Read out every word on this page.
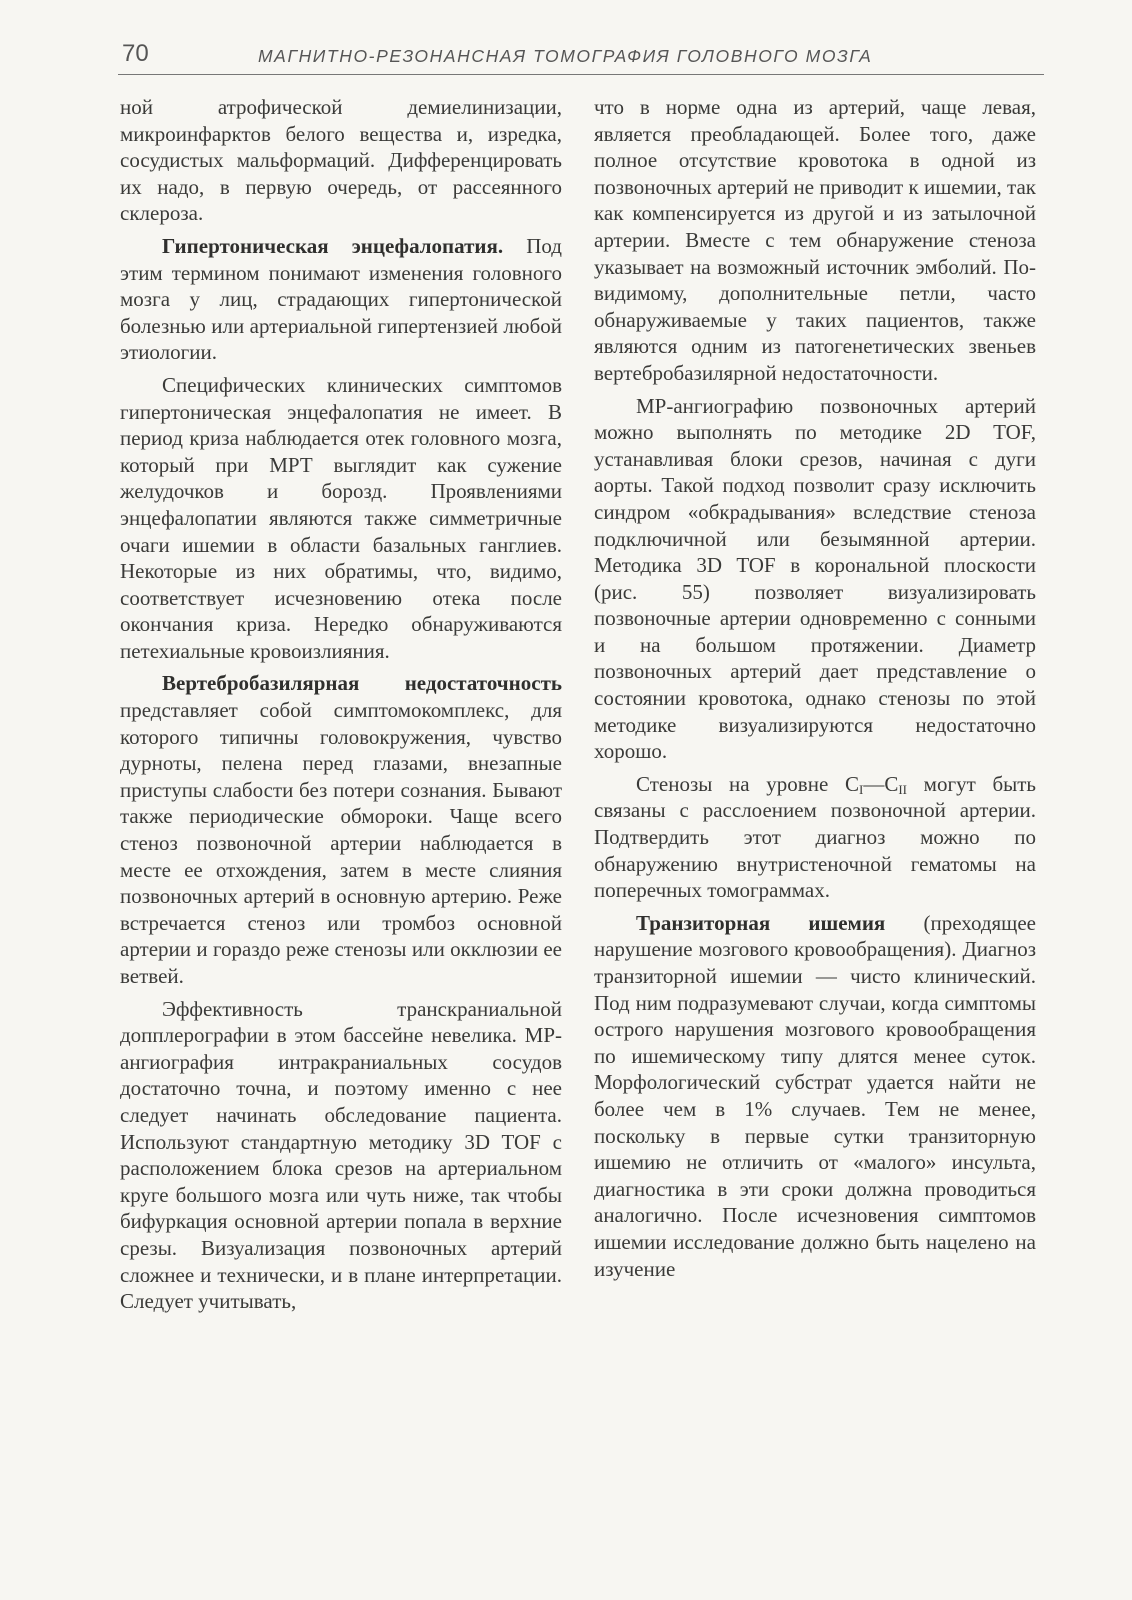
70	МАГНИТНО-РЕЗОНАНСНАЯ ТОМОГРАФИЯ ГОЛОВНОГО МОЗГА

ной атрофической демиелинизации, микроинфарктов белого вещества и, изредка, сосудистых мальформаций. Дифференцировать их надо, в первую очередь, от рассеянного склероза.

Гипертоническая энцефалопатия. Под этим термином понимают изменения головного мозга у лиц, страдающих гипертонической болезнью или артериальной гипертензией любой этиологии.

Специфических клинических симптомов гипертоническая энцефалопатия не имеет. В период криза наблюдается отек головного мозга, который при МРТ выглядит как сужение желудочков и борозд. Проявлениями энцефалопатии являются также симметричные очаги ишемии в области базальных ганглиев. Некоторые из них обратимы, что, видимо, соответствует исчезновению отека после окончания криза. Нередко обнаруживаются петехиальные кровоизлияния.

Вертебробазилярная недостаточность представляет собой симптомокомплекс, для которого типичны головокружения, чувство дурноты, пелена перед глазами, внезапные приступы слабости без потери сознания. Бывают также периодические обмороки. Чаще всего стеноз позвоночной артерии наблюдается в месте ее отхождения, затем в месте слияния позвоночных артерий в основную артерию. Реже встречается стеноз или тромбоз основной артерии и гораздо реже стенозы или окклюзии ее ветвей.

Эффективность транскраниальной допплерографии в этом бассейне невелика. МР-ангиография интракраниальных сосудов достаточно точна, и поэтому именно с нее следует начинать обследование пациента. Используют стандартную методику 3D TOF с расположением блока срезов на артериальном круге большого мозга или чуть ниже, так чтобы бифуркация основной артерии попала в верхние срезы. Визуализация позвоночных артерий сложнее и технически, и в плане интерпретации. Следует учитывать,

что в норме одна из артерий, чаще левая, является преобладающей. Более того, даже полное отсутствие кровотока в одной из позвоночных артерий не приводит к ишемии, так как компенсируется из другой и из затылочной артерии. Вместе с тем обнаружение стеноза указывает на возможный источник эмболий. По-видимому, дополнительные петли, часто обнаруживаемые у таких пациентов, также являются одним из патогенетических звеньев вертебробазилярной недостаточности.

МР-ангиографию позвоночных артерий можно выполнять по методике 2D TOF, устанавливая блоки срезов, начиная с дуги аорты. Такой подход позволит сразу исключить синдром «обкрадывания» вследствие стеноза подключичной или безымянной артерии. Методика 3D TOF в корональной плоскости (рис. 55) позволяет визуализировать позвоночные артерии одновременно с сонными и на большом протяжении. Диаметр позвоночных артерий дает представление о состоянии кровотока, однако стенозы по этой методике визуализируются недостаточно хорошо.

Стенозы на уровне $C_I—C_{II}$ могут быть связаны с расслоением позвоночной артерии. Подтвердить этот диагноз можно по обнаружению внутристеночной гематомы на поперечных томограммах.

Транзиторная ишемия (преходящее нарушение мозгового кровообращения). Диагноз транзиторной ишемии — чисто клинический. Под ним подразумевают случаи, когда симптомы острого нарушения мозгового кровообращения по ишемическому типу длятся менее суток. Морфологический субстрат удается найти не более чем в 1% случаев. Тем не менее, поскольку в первые сутки транзиторную ишемию не отличить от «малого» инсульта, диагностика в эти сроки должна проводиться аналогично. После исчезновения симптомов ишемии исследование должно быть нацелено на изучение
